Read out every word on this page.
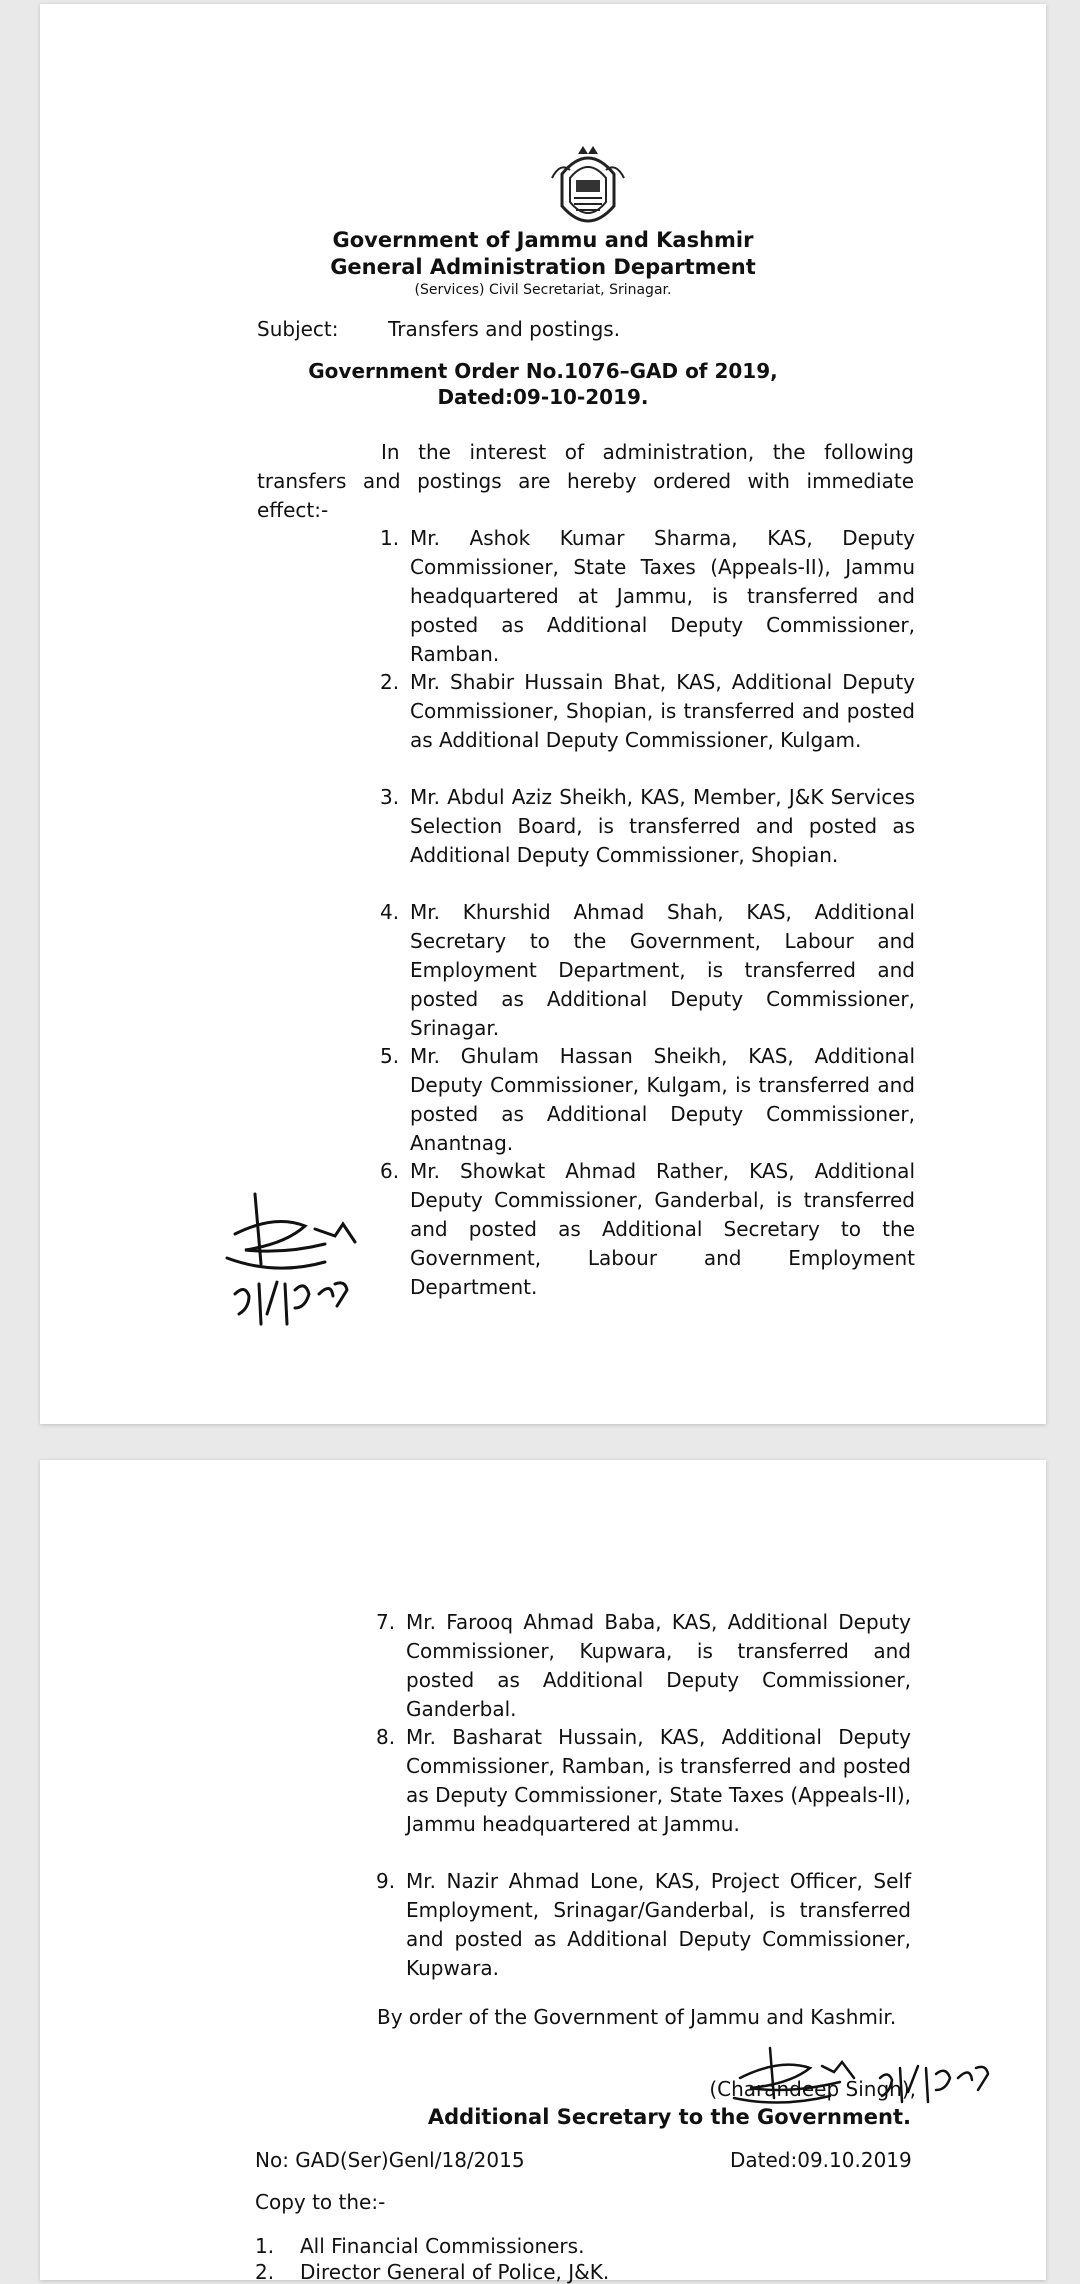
Government of Jammu and Kashmir
General Administration Department
(Services) Civil Secretariat, Srinagar.
Subject: Transfers and postings.
Government Order No.1076–GAD of 2019,
Dated:09-10-2019.
In the interest of administration, the following transfers and postings are hereby ordered with immediate effect:-
1. Mr. Ashok Kumar Sharma, KAS, Deputy Commissioner, State Taxes (Appeals-II), Jammu headquartered at Jammu, is transferred and posted as Additional Deputy Commissioner, Ramban.
2. Mr. Shabir Hussain Bhat, KAS, Additional Deputy Commissioner, Shopian, is transferred and posted as Additional Deputy Commissioner, Kulgam.
3. Mr. Abdul Aziz Sheikh, KAS, Member, J&K Services Selection Board, is transferred and posted as Additional Deputy Commissioner, Shopian.
4. Mr. Khurshid Ahmad Shah, KAS, Additional Secretary to the Government, Labour and Employment Department, is transferred and posted as Additional Deputy Commissioner, Srinagar.
5. Mr. Ghulam Hassan Sheikh, KAS, Additional Deputy Commissioner, Kulgam, is transferred and posted as Additional Deputy Commissioner, Anantnag.
6. Mr. Showkat Ahmad Rather, KAS, Additional Deputy Commissioner, Ganderbal, is transferred and posted as Additional Secretary to the Government, Labour and Employment Department.
7. Mr. Farooq Ahmad Baba, KAS, Additional Deputy Commissioner, Kupwara, is transferred and posted as Additional Deputy Commissioner, Ganderbal.
8. Mr. Basharat Hussain, KAS, Additional Deputy Commissioner, Ramban, is transferred and posted as Deputy Commissioner, State Taxes (Appeals-II), Jammu headquartered at Jammu.
9. Mr. Nazir Ahmad Lone, KAS, Project Officer, Self Employment, Srinagar/Ganderbal, is transferred and posted as Additional Deputy Commissioner, Kupwara.
By order of the Government of Jammu and Kashmir.
(Charandeep Singh),
Additional Secretary to the Government.
No: GAD(Ser)Genl/18/2015	Dated:09.10.2019
Copy to the:-
1. All Financial Commissioners.
2. Director General of Police, J&K.
